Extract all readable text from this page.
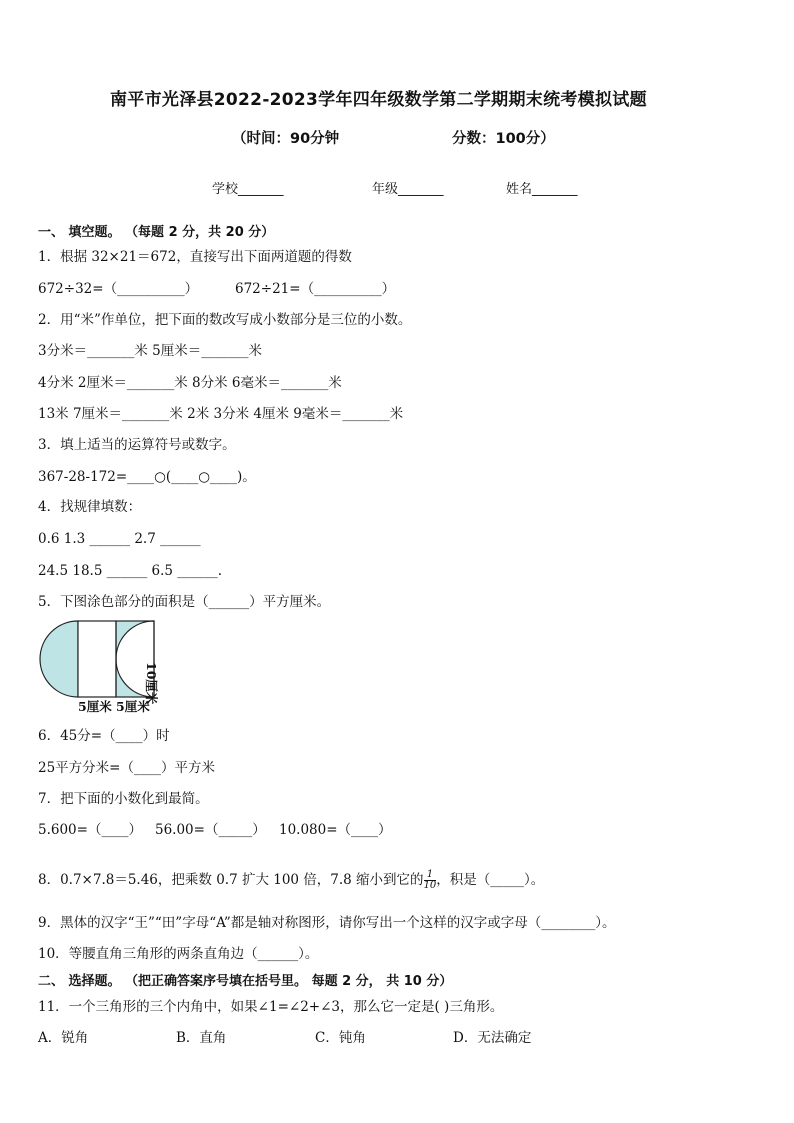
南平市光泽县2022-2023学年四年级数学第二学期期末统考模拟试题
（时间：90分钟	分数：100分）
学校_______	年级_______	姓名_______
一、 填空题。 （每题 2 分，共 20 分）
1．根据 32×21＝672，直接写出下面两道题的得数
672÷32=（__________）	672÷21=（__________）
2．用“米”作单位，把下面的数改写成小数部分是三位的小数。
3分米＝_______米 5厘米＝_______米
4分米 2厘米＝_______米 8分米 6毫米＝_______米
13米 7厘米＝_______米 2米 3分米 4厘米 9毫米＝_______米
3．填上适当的运算符号或数字。
367-28-172=____○(____○____)。
4．找规律填数：
0.6 1.3 ______ 2.7 ______
24.5 18.5 ______ 6.5 ______.
5．下图涂色部分的面积是（______）平方厘米。
10厘米
5厘米 5厘米
6．45分=（____）时
25平方分米=（____）平方米
7．把下面的小数化到最简。
5.600=（____） 56.00=（_____） 10.080=（____）
8．0.7×7.8＝5.46，把乘数 0.7 扩大 100 倍，7.8 缩小到它的 $\frac{1}{10}$ ，积是（_____）。
9．黑体的汉字“王”“田”字母“A”都是轴对称图形，请你写出一个这样的汉字或字母（________）。
10．等腰直角三角形的两条直角边（______）。
二、 选择题。 （把正确答案序号填在括号里。 每题 2 分， 共 10 分）
11．一个三角形的三个内角中，如果∠1=∠2+∠3，那么它一定是( )三角形。
A．锐角	B．直角	C．钝角	D．无法确定
